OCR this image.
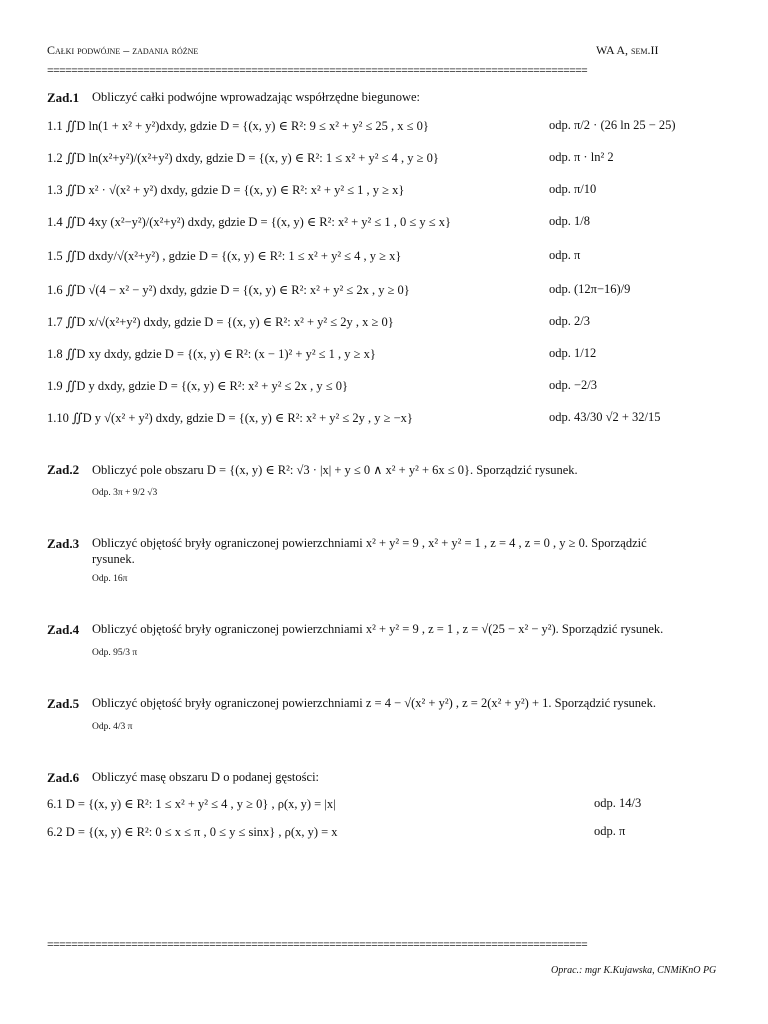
Całki podwójne – zadania różne	WA A, sem.II
==========================================================================================
Zad.1 Obliczyć całki podwójne wprowadzając współrzędne biegunowe:
1.1 ∬D ln(1 + x² + y²)dxdy, gdzie D = {(x, y) ∈ R²: 9 ≤ x² + y² ≤ 25 , x ≤ 0}	odp. π/2 · (26 ln 25 − 25)
1.2 ∬D ln(x²+y²)/(x²+y²) dxdy, gdzie D = {(x, y) ∈ R²: 1 ≤ x² + y² ≤ 4 , y ≥ 0}	odp. π · ln² 2
1.3 ∬D x² · √(x² + y²) dxdy, gdzie D = {(x, y) ∈ R²: x² + y² ≤ 1 , y ≥ x}	odp. π/10
1.4 ∬D 4xy (x²−y²)/(x²+y²) dxdy, gdzie D = {(x, y) ∈ R²: x² + y² ≤ 1 , 0 ≤ y ≤ x}	odp. 1/8
1.5 ∬D dxdy/√(x²+y²) , gdzie D = {(x, y) ∈ R²: 1 ≤ x² + y² ≤ 4 , y ≥ x}	odp. π
1.6 ∬D √(4 − x² − y²) dxdy, gdzie D = {(x, y) ∈ R²: x² + y² ≤ 2x , y ≥ 0}	odp. (12π−16)/9
1.7 ∬D x/√(x²+y²) dxdy, gdzie D = {(x, y) ∈ R²: x² + y² ≤ 2y , x ≥ 0}	odp. 2/3
1.8 ∬D xy dxdy, gdzie D = {(x, y) ∈ R²: (x − 1)² + y² ≤ 1 , y ≥ x}	odp. 1/12
1.9 ∬D y dxdy, gdzie D = {(x, y) ∈ R²: x² + y² ≤ 2x , y ≤ 0}	odp. −2/3
1.10 ∬D y √(x² + y²) dxdy, gdzie D = {(x, y) ∈ R²: x² + y² ≤ 2y , y ≥ −x}	odp. 43/30 √2 + 32/15
Zad.2 Obliczyć pole obszaru D = {(x, y) ∈ R²: √3 · |x| + y ≤ 0 ∧ x² + y² + 6x ≤ 0}. Sporządzić rysunek.
Odp. 3π + 9/2 √3
Zad.3 Obliczyć objętość bryły ograniczonej powierzchniami x² + y² = 9 , x² + y² = 1 , z = 4 , z = 0 , y ≥ 0. Sporządzić
rysunek.
Odp. 16π
Zad.4 Obliczyć objętość bryły ograniczonej powierzchniami x² + y² = 9 , z = 1 , z = √(25 − x² − y²). Sporządzić rysunek.
Odp. 95/3 π
Zad.5 Obliczyć objętość bryły ograniczonej powierzchniami z = 4 − √(x² + y²) , z = 2(x² + y²) + 1. Sporządzić rysunek.
Odp. 4/3 π
Zad.6 Obliczyć masę obszaru D o podanej gęstości:
6.1 D = {(x, y) ∈ R²: 1 ≤ x² + y² ≤ 4 , y ≥ 0} , ρ(x, y) = |x|	odp. 14/3
6.2 D = {(x, y) ∈ R²: 0 ≤ x ≤ π , 0 ≤ y ≤ sinx} , ρ(x, y) = x	odp. π
==========================================================================================
Oprac.: mgr K.Kujawska, CNMiKnO PG
